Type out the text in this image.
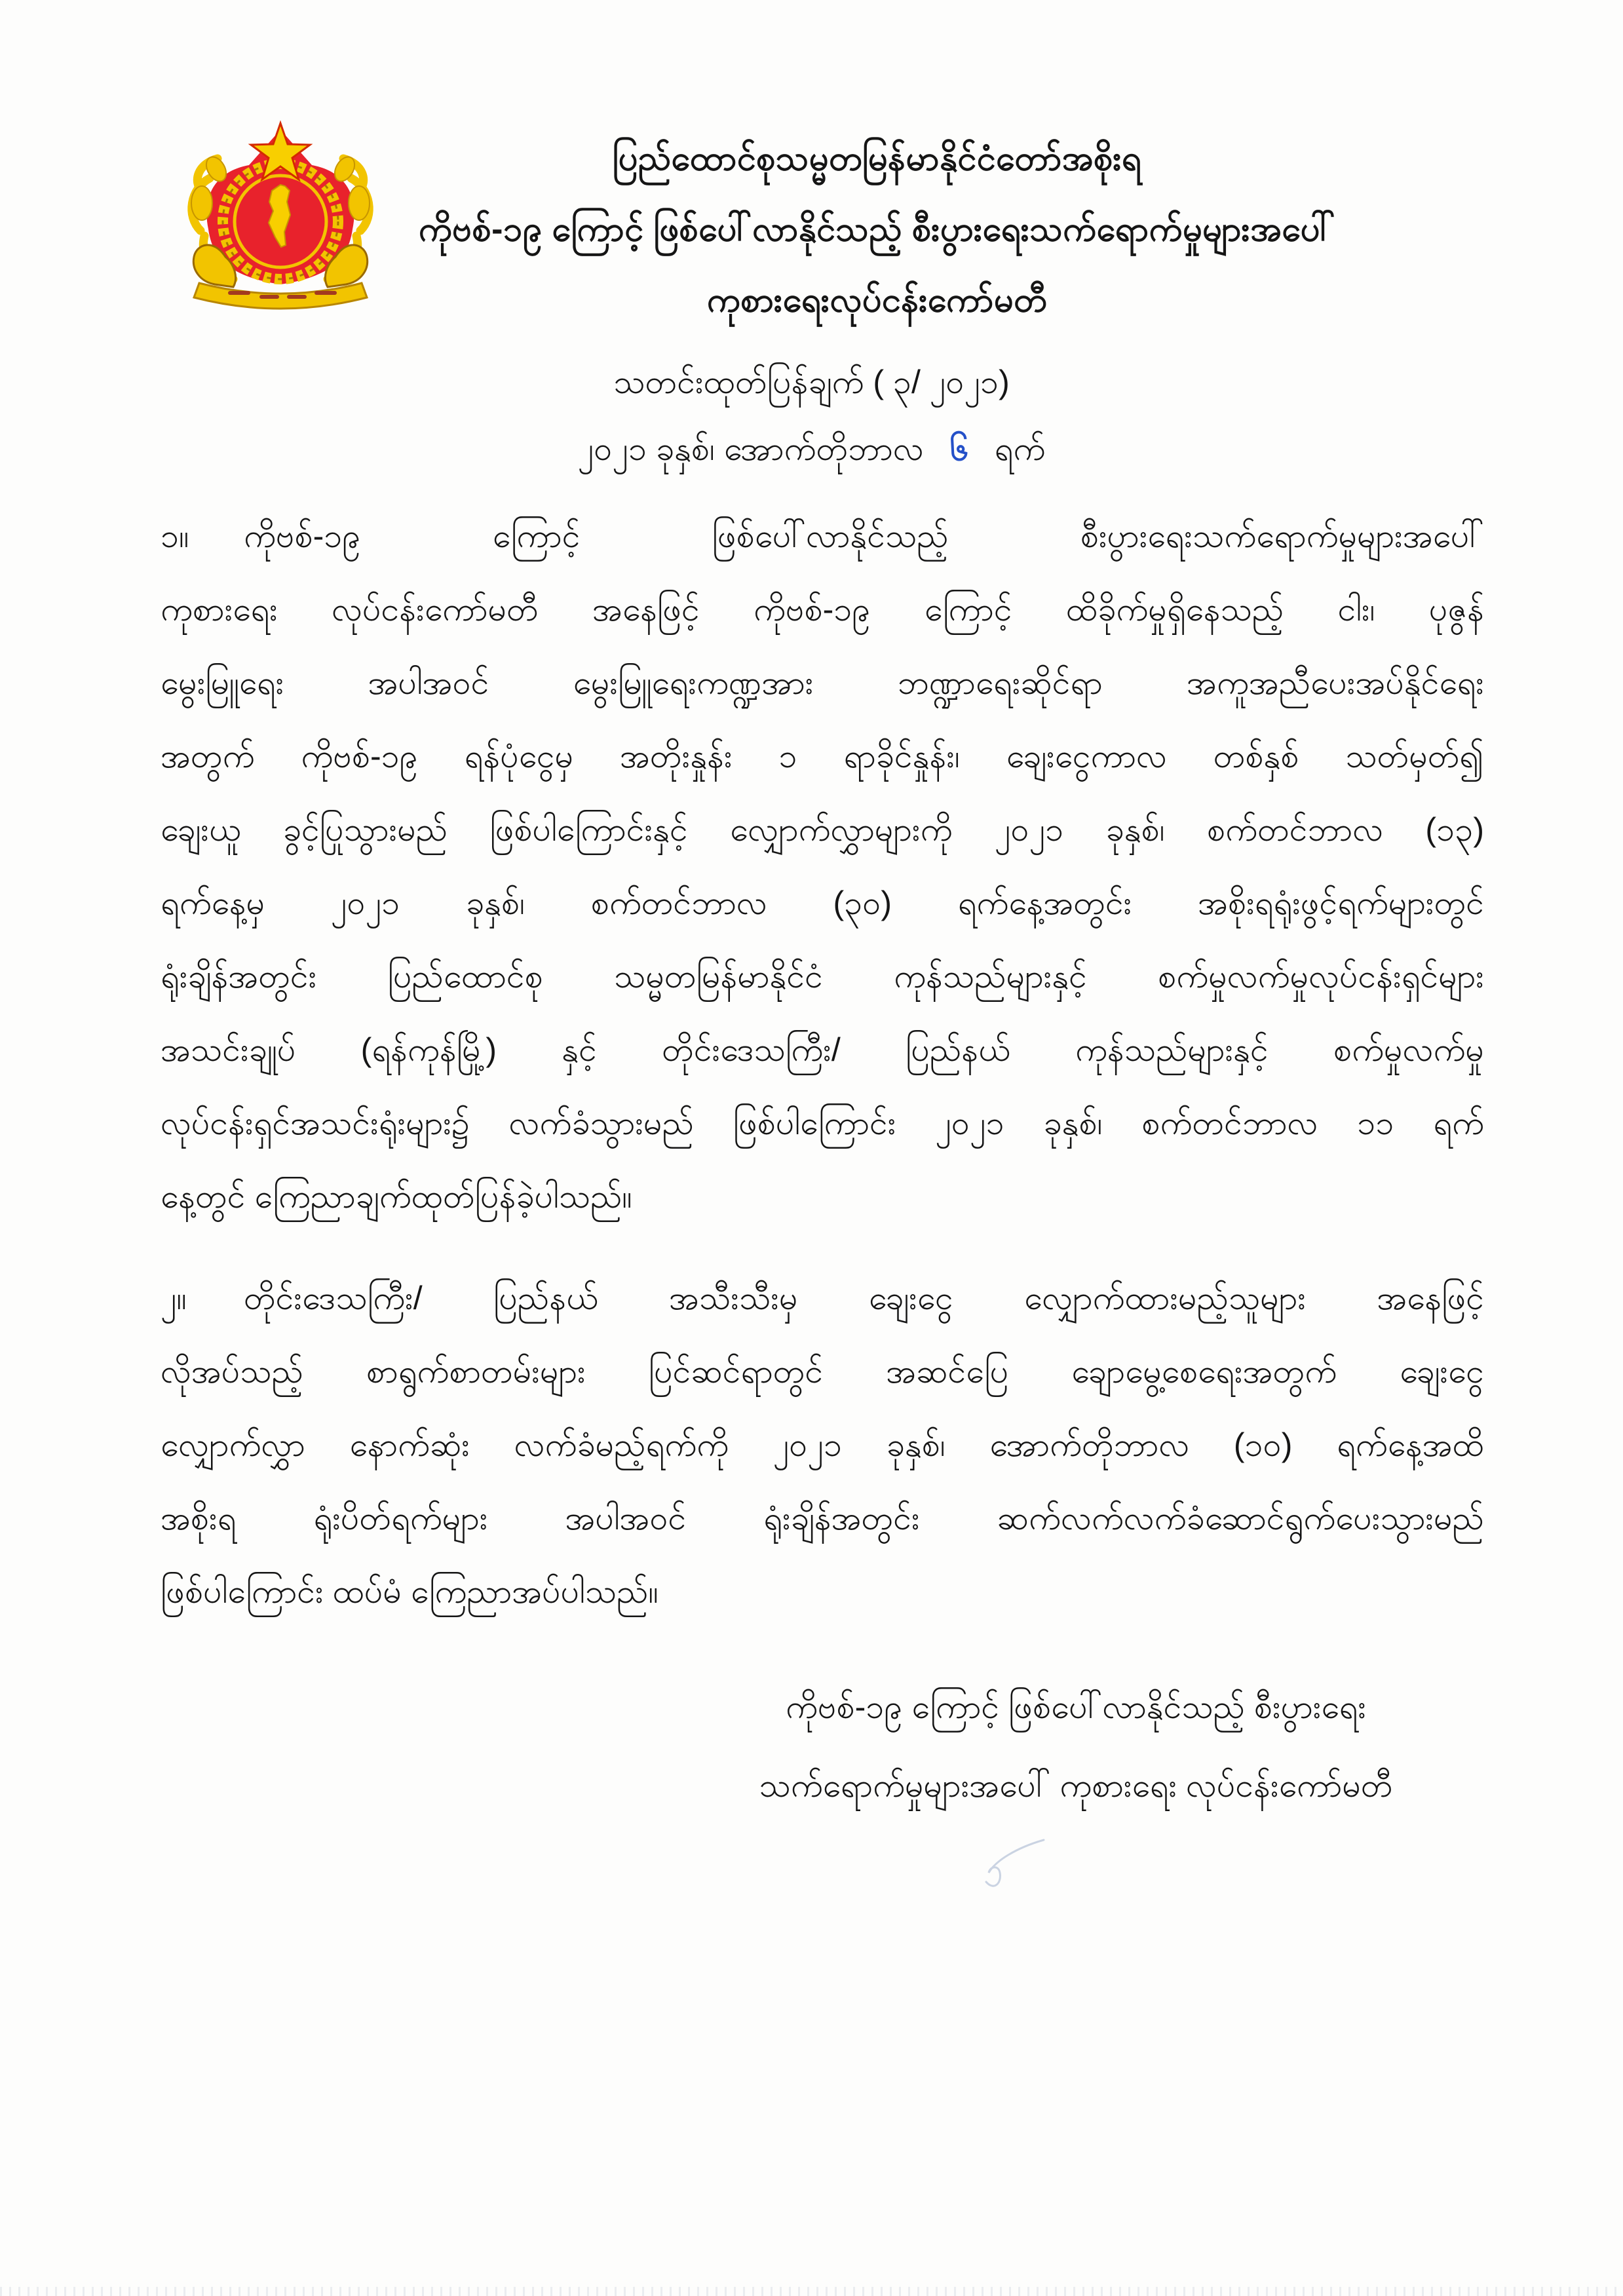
ပြည်ထောင်စုသမ္မတမြန်မာနိုင်ငံတော်အစိုးရ
ကိုဗစ်-၁၉ ကြောင့် ဖြစ်ပေါ်လာနိုင်သည့် စီးပွားရေးသက်ရောက်မှုများအပေါ်
ကုစားရေးလုပ်ငန်းကော်မတီ
သတင်းထုတ်ပြန်ချက် ( ၃/ ၂၀၂၁)
၂၀၂၁ ခုနှစ်၊ အောက်တိုဘာလ ၆ ရက်
၁။ ကိုဗစ်-၁၉ ကြောင့် ဖြစ်ပေါ်လာနိုင်သည့် စီးပွားရေးသက်ရောက်မှုများအပေါ်
ကုစားရေး လုပ်ငန်းကော်မတီ အနေဖြင့် ကိုဗစ်-၁၉ ကြောင့် ထိခိုက်မှုရှိနေသည့် ငါး၊ ပုဇွန်
မွေးမြူရေး အပါအဝင် မွေးမြူရေးကဏ္ဍအား ဘဏ္ဍာရေးဆိုင်ရာ အကူအညီပေးအပ်နိုင်ရေး
အတွက် ကိုဗစ်-၁၉ ရန်ပုံငွေမှ အတိုးနှုန်း ၁ ရာခိုင်နှုန်း၊ ချေးငွေကာလ တစ်နှစ် သတ်မှတ်၍
ချေးယူ ခွင့်ပြုသွားမည် ဖြစ်ပါကြောင်းနှင့် လျှောက်လွှာများကို ၂၀၂၁ ခုနှစ်၊ စက်တင်ဘာလ (၁၃)
ရက်နေ့မှ ၂၀၂၁ ခုနှစ်၊ စက်တင်ဘာလ (၃၀) ရက်နေ့အတွင်း အစိုးရရုံးဖွင့်ရက်များတွင်
ရုံးချိန်အတွင်း ပြည်ထောင်စု သမ္မတမြန်မာနိုင်ငံ ကုန်သည်များနှင့် စက်မှုလက်မှုလုပ်ငန်းရှင်များ
အသင်းချုပ် (ရန်ကုန်မြို့) နှင့် တိုင်းဒေသကြီး/ ပြည်နယ် ကုန်သည်များနှင့် စက်မှုလက်မှု
လုပ်ငန်းရှင်အသင်းရုံးများ၌ လက်ခံသွားမည် ဖြစ်ပါကြောင်း ၂၀၂၁ ခုနှစ်၊ စက်တင်ဘာလ ၁၁ ရက်
နေ့တွင် ကြေညာချက်ထုတ်ပြန်ခဲ့ပါသည်။
၂။ တိုင်းဒေသကြီး/ ပြည်နယ် အသီးသီးမှ ချေးငွေ လျှောက်ထားမည့်သူများ အနေဖြင့်
လိုအပ်သည့် စာရွက်စာတမ်းများ ပြင်ဆင်ရာတွင် အဆင်ပြေ ချောမွေ့စေရေးအတွက် ချေးငွေ
လျှောက်လွှာ နောက်ဆုံး လက်ခံမည့်ရက်ကို ၂၀၂၁ ခုနှစ်၊ အောက်တိုဘာလ (၁၀) ရက်နေ့အထိ
အစိုးရ ရုံးပိတ်ရက်များ အပါအဝင် ရုံးချိန်အတွင်း ဆက်လက်လက်ခံဆောင်ရွက်ပေးသွားမည်
ဖြစ်ပါကြောင်း ထပ်မံ ကြေညာအပ်ပါသည်။
ကိုဗစ်-၁၉ ကြောင့် ဖြစ်ပေါ်လာနိုင်သည့် စီးပွားရေး
သက်ရောက်မှုများအပေါ် ကုစားရေး လုပ်ငန်းကော်မတီ
